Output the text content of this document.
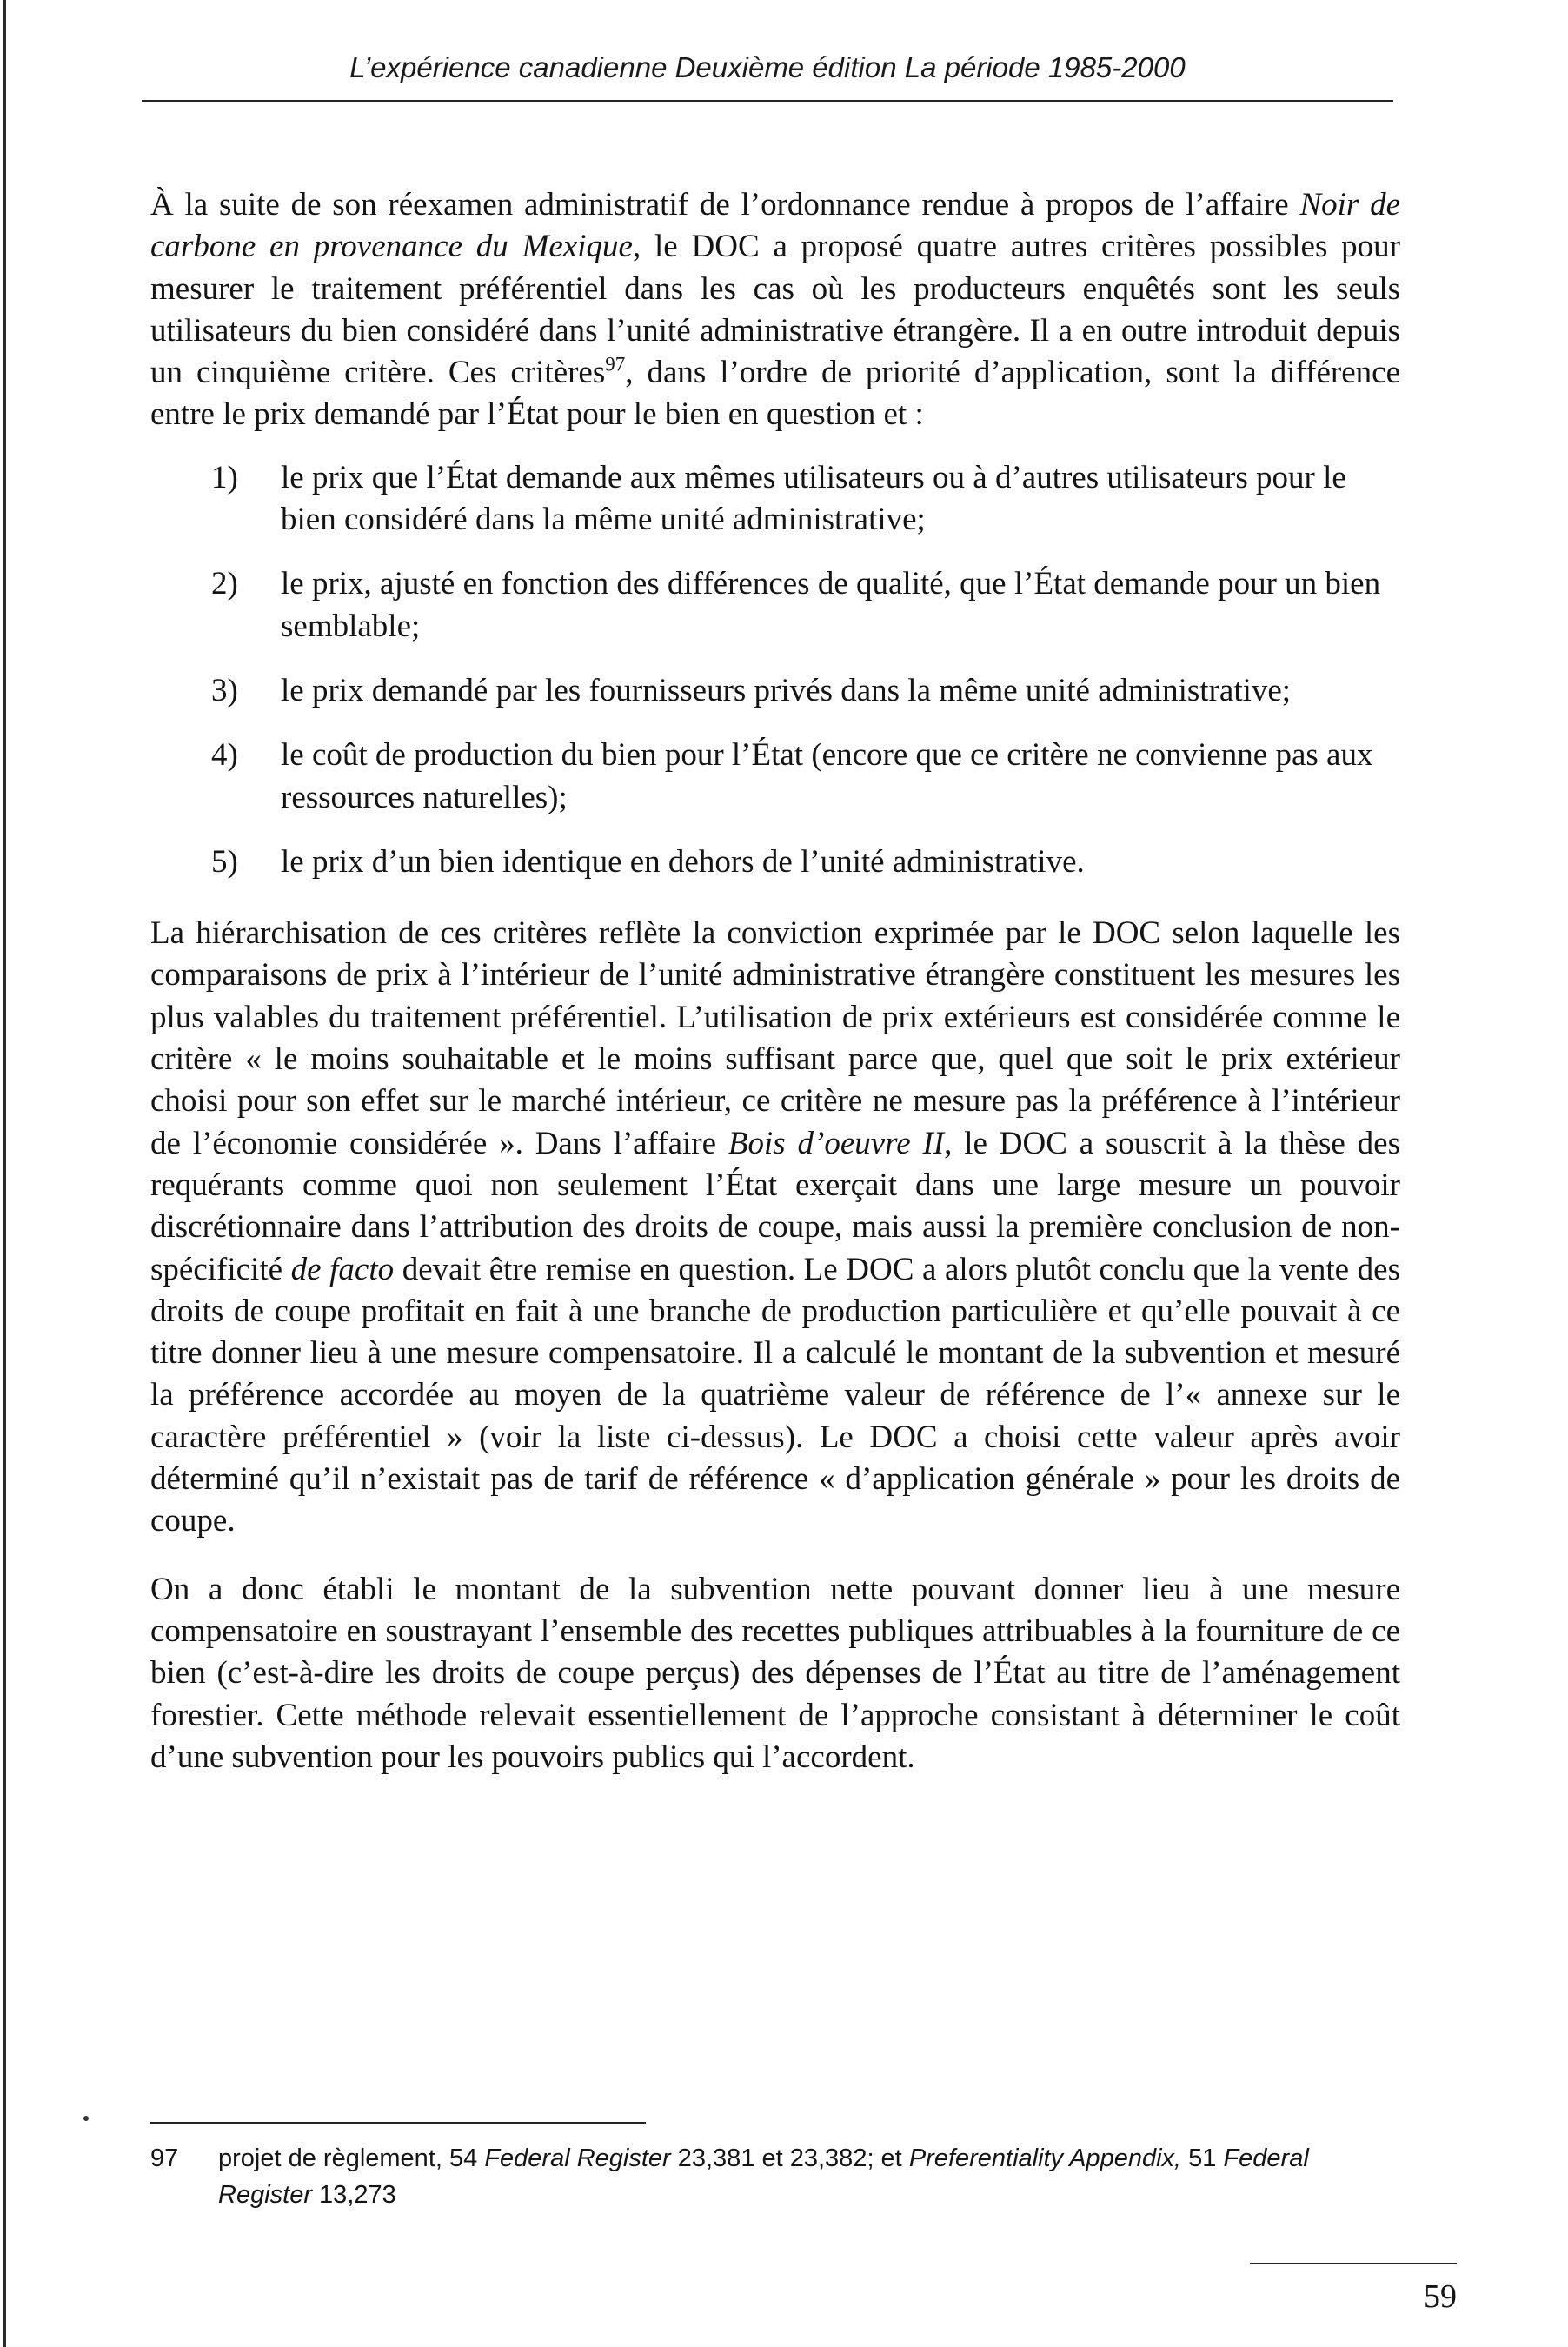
L’expérience canadienne Deuxième édition La période 1985-2000

À la suite de son réexamen administratif de l’ordonnance rendue à propos de l’affaire Noir de carbone en provenance du Mexique, le DOC a proposé quatre autres critères possibles pour mesurer le traitement préférentiel dans les cas où les producteurs enquêtés sont les seuls utilisateurs du bien considéré dans l’unité administrative étrangère. Il a en outre introduit depuis un cinquième critère. Ces critères$^{97}$, dans l’ordre de priorité d’application, sont la différence entre le prix demandé par l’État pour le bien en question et :

1) le prix que l’État demande aux mêmes utilisateurs ou à d’autres utilisateurs pour le bien considéré dans la même unité administrative;
2) le prix, ajusté en fonction des différences de qualité, que l’État demande pour un bien semblable;
3) le prix demandé par les fournisseurs privés dans la même unité administrative;
4) le coût de production du bien pour l’État (encore que ce critère ne convienne pas aux ressources naturelles);
5) le prix d’un bien identique en dehors de l’unité administrative.

La hiérarchisation de ces critères reflète la conviction exprimée par le DOC selon laquelle les comparaisons de prix à l’intérieur de l’unité administrative étrangère constituent les mesures les plus valables du traitement préférentiel. L’utilisation de prix extérieurs est considérée comme le critère « le moins souhaitable et le moins suffisant parce que, quel que soit le prix extérieur choisi pour son effet sur le marché intérieur, ce critère ne mesure pas la préférence à l’intérieur de l’économie considérée ». Dans l’affaire Bois d’oeuvre II, le DOC a souscrit à la thèse des requérants comme quoi non seulement l’État exerçait dans une large mesure un pouvoir discrétionnaire dans l’attribution des droits de coupe, mais aussi la première conclusion de non-spécificité de facto devait être remise en question. Le DOC a alors plutôt conclu que la vente des droits de coupe profitait en fait à une branche de production particulière et qu’elle pouvait à ce titre donner lieu à une mesure compensatoire. Il a calculé le montant de la subvention et mesuré la préférence accordée au moyen de la quatrième valeur de référence de l’« annexe sur le caractère préférentiel » (voir la liste ci-dessus). Le DOC a choisi cette valeur après avoir déterminé qu’il n’existait pas de tarif de référence « d’application générale » pour les droits de coupe.

On a donc établi le montant de la subvention nette pouvant donner lieu à une mesure compensatoire en soustrayant l’ensemble des recettes publiques attribuables à la fourniture de ce bien (c’est-à-dire les droits de coupe perçus) des dépenses de l’État au titre de l’aménagement forestier. Cette méthode relevait essentiellement de l’approche consistant à déterminer le coût d’une subvention pour les pouvoirs publics qui l’accordent.

97	projet de règlement, 54 Federal Register 23,381 et 23,382; et Preferentiality Appendix, 51 Federal Register 13,273
59
